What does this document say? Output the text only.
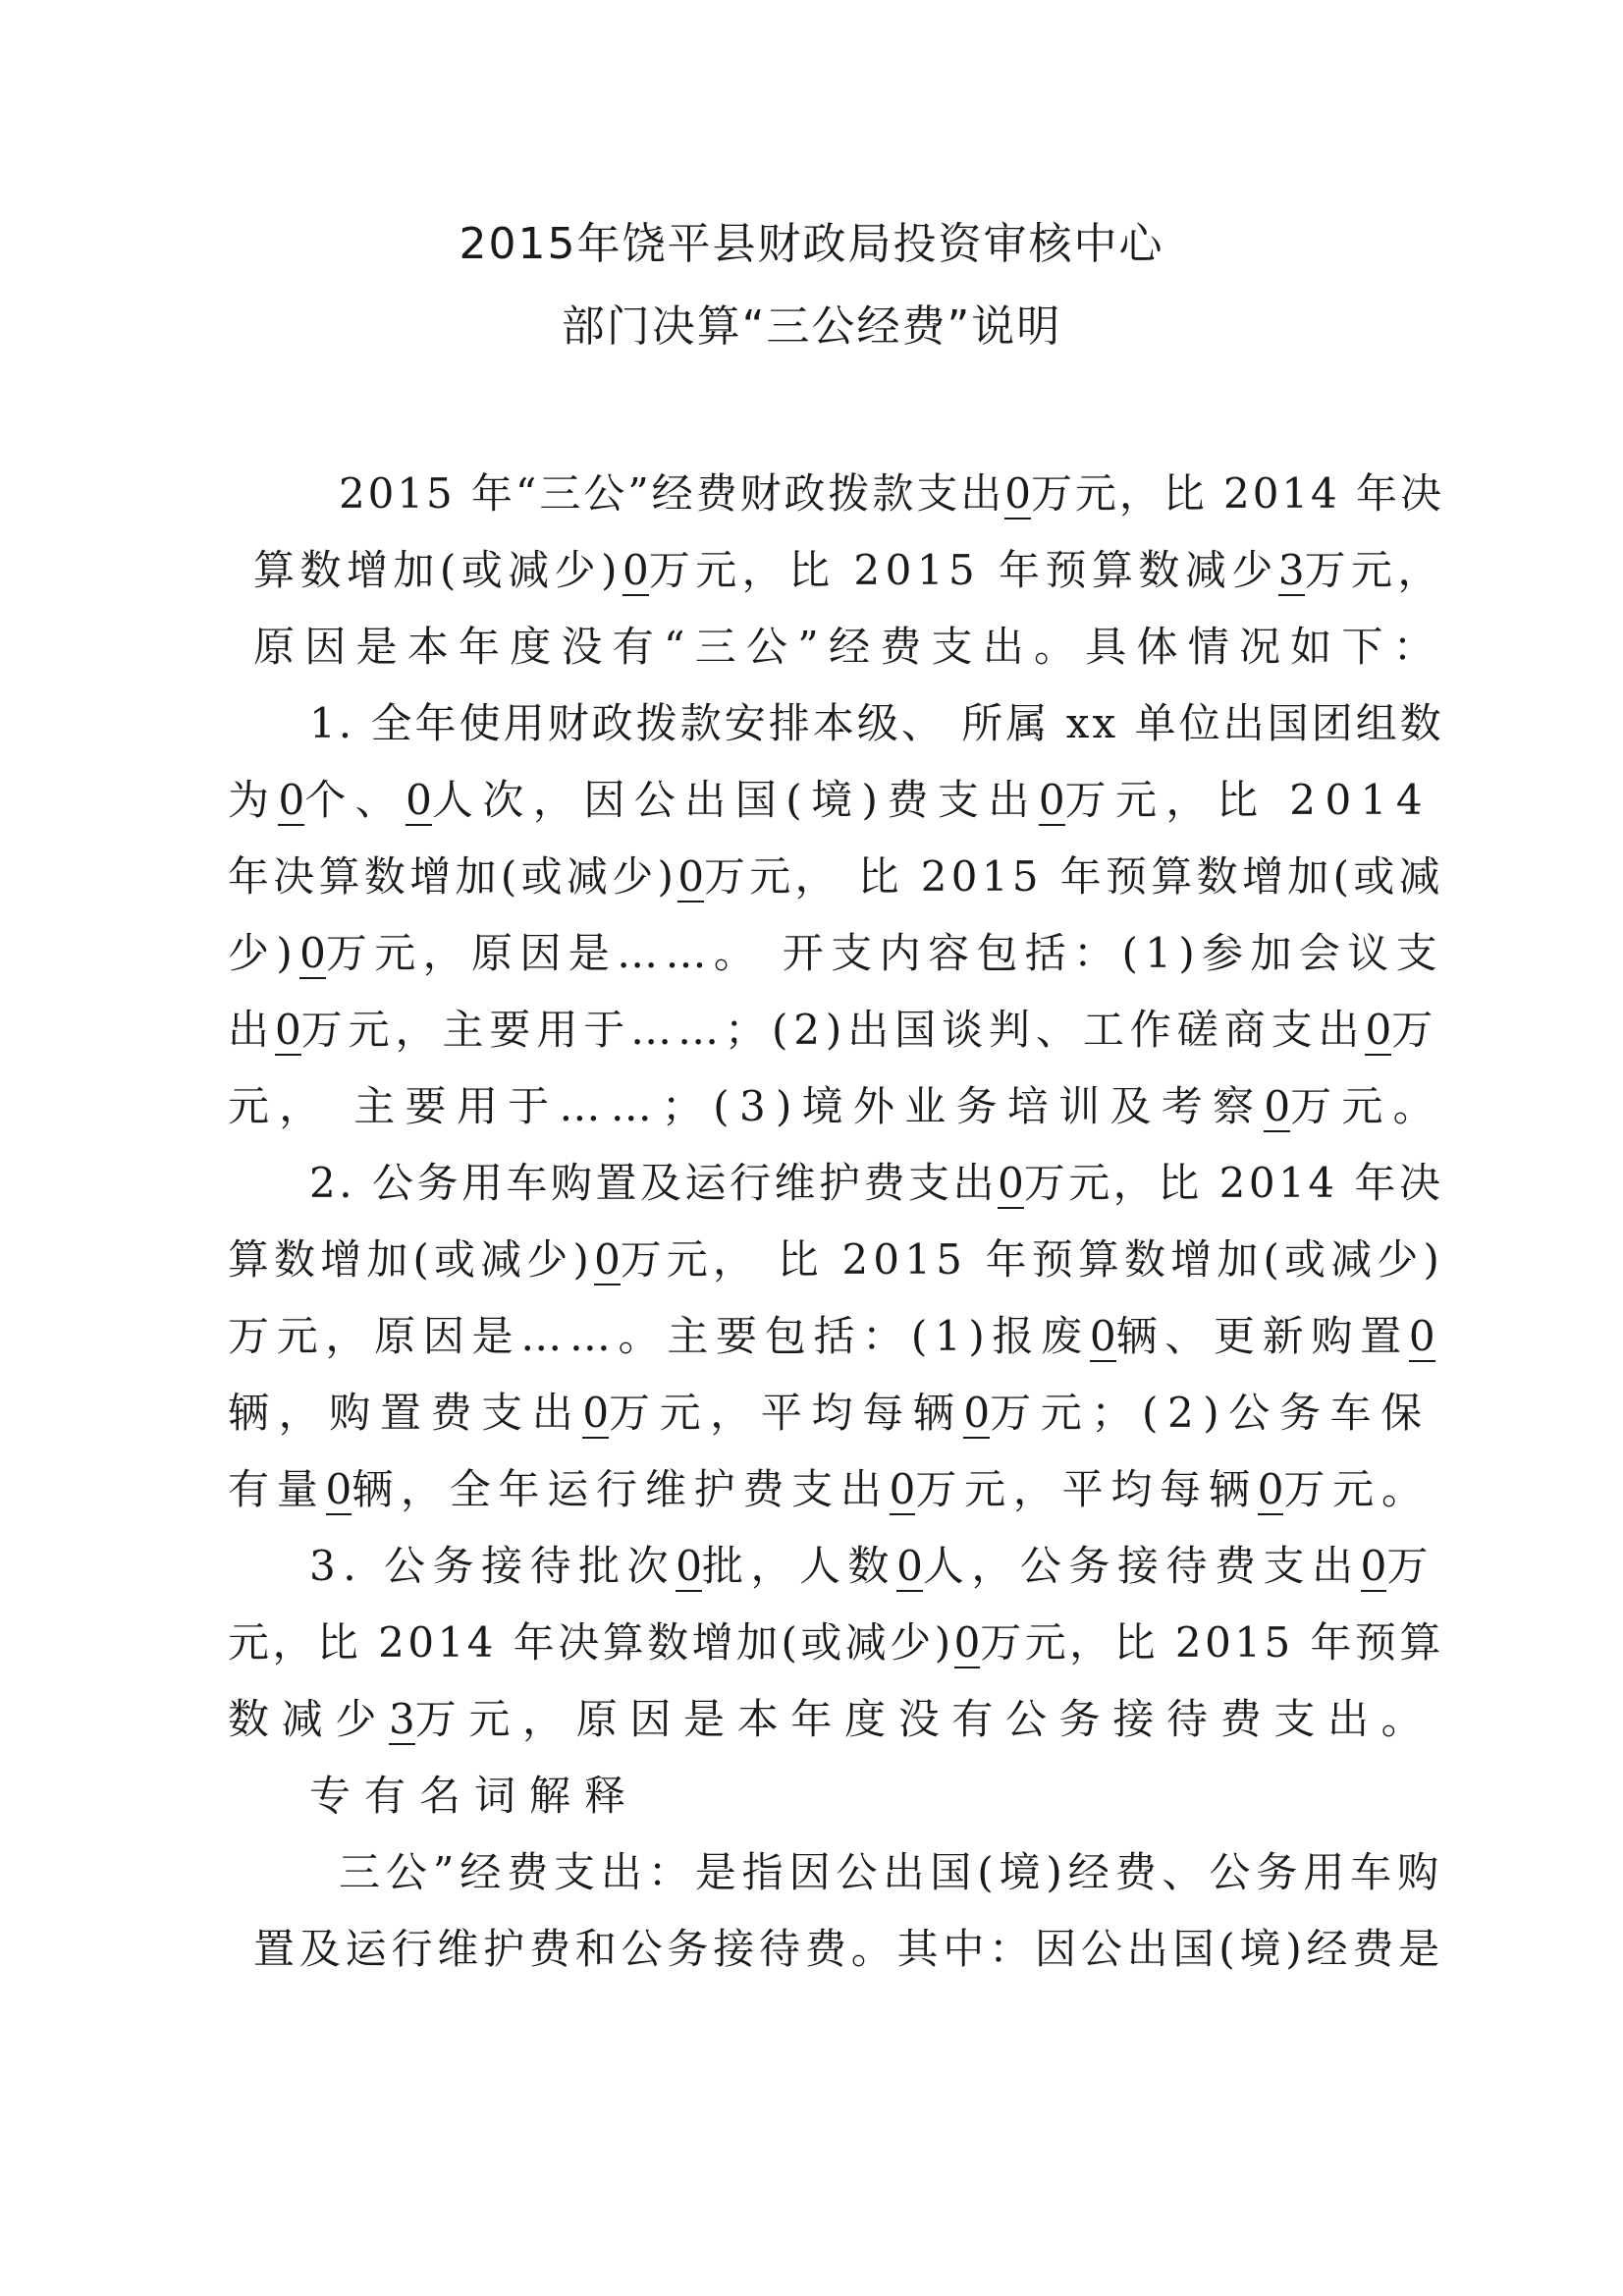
2015年饶平县财政局投资审核中心
部门决算“三公经费”说明
2015 年“三公”经费财政拨款支出0万元，比 2014 年决
算数增加(或减少)0万元，比 2015 年预算数减少3万元，
原因是本年度没有“三公”经费支出。具体情况如下：
1. 全年使用财政拨款安排本级、 所属 xx 单位出国团组数
为0个、0人次，因公出国(境)费支出0万元，比 2014
年决算数增加(或减少)0万元， 比 2015 年预算数增加(或减
少)0万元，原因是……。 开支内容包括：(1)参加会议支
出0万元，主要用于……；(2)出国谈判、工作磋商支出0万
元， 主要用于……；(3)境外业务培训及考察0万元。
2. 公务用车购置及运行维护费支出0万元，比 2014 年决
算数增加(或减少)0万元， 比 2015 年预算数增加(或减少)
万元，原因是……。主要包括：(1)报废0辆、更新购置0
辆，购置费支出0万元，平均每辆0万元；(2)公务车保
有量0辆，全年运行维护费支出0万元，平均每辆0万元。
3. 公务接待批次0批，人数0人，公务接待费支出0万
元，比 2014 年决算数增加(或减少)0万元，比 2015 年预算
数减少3万元，原因是本年度没有公务接待费支出。
专有名词解释
三公”经费支出：是指因公出国(境)经费、公务用车购
置及运行维护费和公务接待费。其中：因公出国(境)经费是
